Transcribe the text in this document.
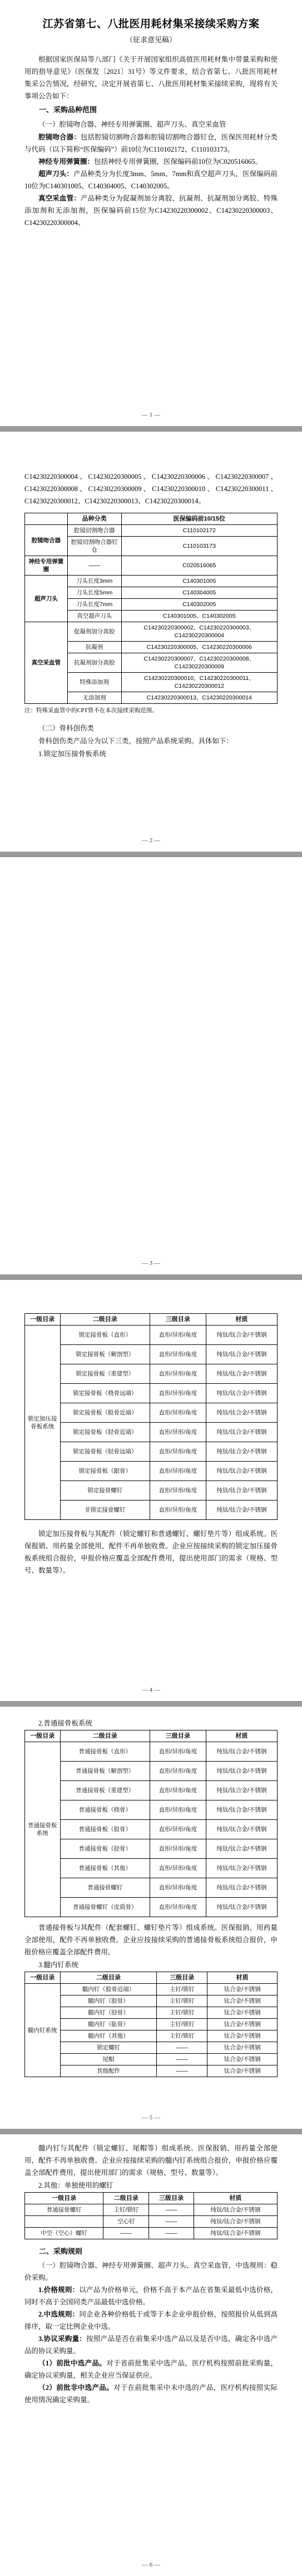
江苏省第七、八批医用耗材集采接续采购方案
（征求意见稿）

根据国家医保局等八部门《关于开展国家组织高值医用耗材集中带量采购和使用的指导意见》（医保发〔2021〕31号）等文件要求，结合省第七、八批医用耗材集采公告情况，经研究，决定开展省第七、八批医用耗材集采接续采购，现将有关事项公告如下：

一、采购品种范围
（一）腔镜吻合器、神经专用弹簧圈、超声刀头、真空采血管

腔镜吻合器：包括腔镜切割吻合器和腔镜切割吻合器钉仓，医保医用耗材分类与代码（以下简称“医保编码”）前10位为C110102172、C110103173。

神经专用弹簧圈：包括神经专用弹簧圈，医保编码前10位为C020516065。

超声刀头：产品种类分为长度3mm、5mm、7mm和真空超声刀头，医保编码前10位为C140301005、C140304005、C140302005。

真空采血管：产品种类分为促凝剂加分离胶、抗凝剂、抗凝剂加分离胶、特殊添加剂和无添加剂，医保编码前15位为C14230220300002、C14230220300003、C14230220300004、

— 1 —

C14230220300004、C14230220300005、C14230220300006、C14230220300007、C14230220300008、C14230220300009、C14230220300010、C14230220300011、C14230220300012、C14230220300013、C14230220300014。

	品种分类	医保编码前10/15位
腔镜吻合器	腔镜切割吻合器	C110102172
	腔镜切割吻合器钉仓	C110103173
神经专用弹簧圈	——	C020516065
超声刀头	刀头长度3mm	C140301005
	刀头长度5mm	C140304005
	刀头长度7mm	C140302005
	真空超声刀头	C140301005、C140302005
真空采血管	促凝剂加分离胶	C14230220300002、C14230220300003、C14230220300004
	抗凝剂	C14230220300005、C14230220300006
	抗凝剂加分离胶	C14230220300007、C14230220300008、C14230220300009
	特殊添加剂	C14230220300010、C14230220300011、C14230220300012
	无添加剂	C14230220300013、C14230220300014

注：特殊采血管中的CPT管不在本次接续采购范围。

（二）骨科创伤类

骨科创伤类产品分为以下三类，按照产品系统采购。具体如下：

1.锁定加压接骨板系统
— 2 —
— 3 —
一级目录	二级目录	三级目录	材质
锁定加压接骨板系统	锁定接骨板（直形）	直形/异形/角度	纯钛/钛合金/不锈钢
	锁定接骨板（解剖型）	直形/异形/角度	纯钛/钛合金/不锈钢
	锁定接骨板（重建型）	直形/异形/角度	纯钛/钛合金/不锈钢
	锁定接骨板（桡骨远端）	直形/异形/角度	纯钛/钛合金/不锈钢
	锁定接骨板（股骨近端）	直形/异形/角度	纯钛/钛合金/不锈钢
	锁定接骨板（胫骨近端）	直形/异形/角度	纯钛/钛合金/不锈钢
	锁定接骨板（胫骨远端）	直形/异形/角度	纯钛/钛合金/不锈钢
	锁定接骨板（跟骨）	直形/异形/角度	纯钛/钛合金/不锈钢
	锁定接骨螺钉	直形/异形/角度	纯钛/钛合金/不锈钢
	非锁定接骨螺钉	直形/异形/角度	纯钛/钛合金/不锈钢

锁定加压接骨板与其配件（锁定螺钉和普通螺钉、螺钉垫片等）组成系统。医保报销、用药量全部使用，配件不再单独收费。企业应按接续采购的锁定加压接骨板系统组合报价，申报价格应覆盖全部配件费用，提出使用部门的需求（规格、型号、数量等）。

— 4 —
2.普通接骨板系统
一级目录	二级目录	三级目录	材质
普通接骨板系统	普通接骨板（直形）	直形/异形/角度	纯钛/钛合金/不锈钢
	普通接骨板（解剖型）	直形/异形/角度	纯钛/钛合金/不锈钢
	普通接骨板（重建型）	直形/异形/角度	纯钛/钛合金/不锈钢
	普通接骨板（桡骨）	直形/异形/角度	纯钛/钛合金/不锈钢
	普通接骨板（股骨）	直形/异形/角度	纯钛/钛合金/不锈钢
	普通接骨板（胫骨）	直形/异形/角度	纯钛/钛合金/不锈钢
	普通接骨板（其他）	直形/异形/角度	纯钛/钛合金/不锈钢
	普通接骨螺钉	直形/异形/角度	纯钛/钛合金/不锈钢
	普通接骨螺钉（皮质骨）	直形/异形/角度	纯钛/钛合金/不锈钢

普通接骨板与其配件（配套螺钉、螺钉垫片等）组成系统。医保报销、用药量全部使用，配件不再单独收费。企业应按接续采购的普通接骨板系统组合报价，申报价格应覆盖全部配件费用。

3.髓内钉系统
一级目录	二级目录	三级目录	材质
髓内钉系统	髓内钉（股骨近端）	主钉/锁钉	钛合金/不锈钢
	髓内钉（股骨）	主钉/锁钉	钛合金/不锈钢
	髓内钉（胫骨）	主钉/锁钉	钛合金/不锈钢
	髓内钉（肱骨）	主钉/锁钉	钛合金/不锈钢
	髓内钉（其他）	主钉/锁钉	钛合金/不锈钢
	锁定螺钉	——	钛合金/不锈钢
	尾帽	——	钛合金/不锈钢
	其他配件	——	钛合金/不锈钢
— 5 —

髓内钉与其配件（锁定螺钉、尾帽等）组成系统。医保报销、用药量全部使用，配件不再单独收费。企业应按接续采购的髓内钉系统组合报价，申报价格应覆盖全部配件费用，提出使用部门的需求（规格、型号、数量等）。

2.其他：单独使用的螺钉
一级目录	二级目录	三级目录	材质
普通接骨螺钉	主钉/锁钉	——	纯钛/钛合金/不锈钢
	空心钉	——	纯钛/钛合金/不锈钢
中空（空心）螺钉	——	——	纯钛/钛合金/不锈钢
二、采购规则

（一）腔镜吻合器、神经专用弹簧圈、超声刀头、真空采血管，中选规则：稳价采购。

1.价格规则：以产品为价格单元，价格不高于本产品在省集采最低中选价格，同时不高于全国同类产品最低中选价格。

2.中选规则：同企业各种价格低于或等于本企业申报价格，按照报价从低到高排序，取一定比例企业中选。

3.协议采购量：按照产品是否在前集采中选产品以及是否中选，确定各中选产品的协议采购量。

（1）前批中选产品。对于省前批集采中选产品，医疗机构按照前批采购量，确定协议采购量，相关企业应当保证供应。

（2）前批非中选产品。对于在前批集采中未中选的产品，医疗机构按照实际使用情况确定采购量。

— 6 —
